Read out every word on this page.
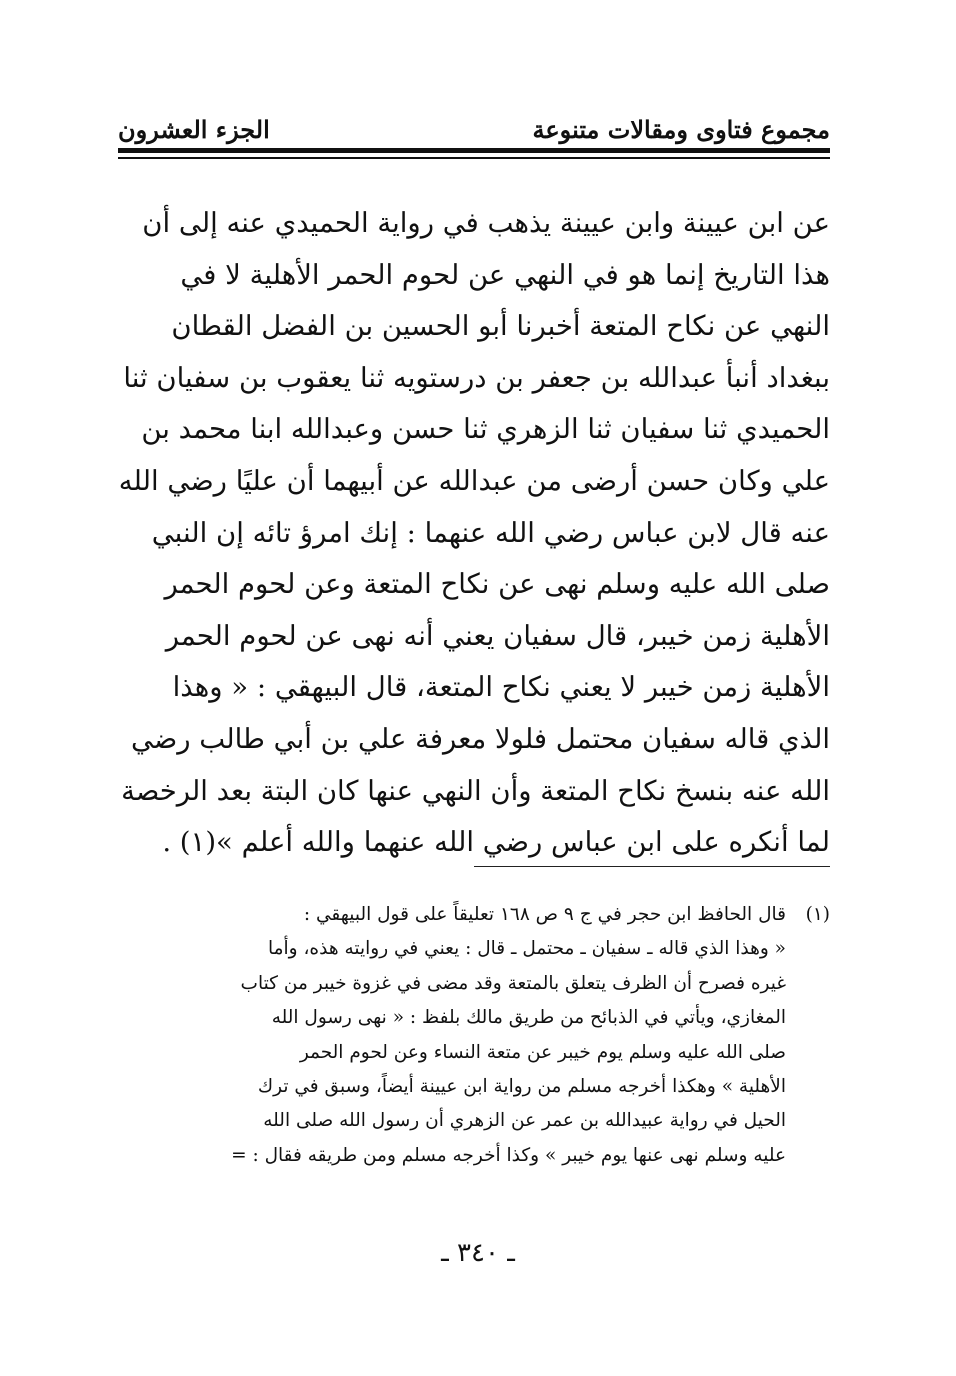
مجموع فتاوى ومقالات متنوعة
الجزء العشرون
عن ابن عيينة وابن عيينة يذهب في رواية الحميدي عنه إلى أن
هذا التاريخ إنما هو في النهي عن لحوم الحمر الأهلية لا في
النهي عن نكاح المتعة أخبرنا أبو الحسين بن الفضل القطان
ببغداد أنبأ عبدالله بن جعفر بن درستويه ثنا يعقوب بن سفيان ثنا
الحميدي ثنا سفيان ثنا الزهري ثنا حسن وعبدالله ابنا محمد بن
علي وكان حسن أرضى من عبدالله عن أبيهما أن عليًا رضي الله
عنه قال لابن عباس رضي الله عنهما : إنك امرؤ تائه إن النبي
صلى الله عليه وسلم نهى عن نكاح المتعة وعن لحوم الحمر
الأهلية زمن خيبر، قال سفيان يعني أنه نهى عن لحوم الحمر
الأهلية زمن خيبر لا يعني نكاح المتعة، قال البيهقي : « وهذا
الذي قاله سفيان محتمل فلولا معرفة علي بن أبي طالب رضي
الله عنه بنسخ نكاح المتعة وأن النهي عنها كان البتة بعد الرخصة
لما أنكره على ابن عباس رضي الله عنهما والله أعلم »(١) .
(١)
قال الحافظ ابن حجر في ج ٩ ص ١٦٨ تعليقاً على قول البيهقي :
« وهذا الذي قاله ـ سفيان ـ محتمل ـ قال : يعني في روايته هذه، وأما
غيره فصرح أن الظرف يتعلق بالمتعة وقد مضى في غزوة خيبر من كتاب
المغازي، ويأتي في الذبائح من طريق مالك بلفظ : « نهى رسول الله
صلى الله عليه وسلم يوم خيبر عن متعة النساء وعن لحوم الحمر
الأهلية » وهكذا أخرجه مسلم من رواية ابن عيينة أيضاً، وسبق في ترك
الحيل في رواية عبيدالله بن عمر عن الزهري أن رسول الله صلى الله
عليه وسلم نهى عنها يوم خيبر » وكذا أخرجه مسلم ومن طريقه فقال : =
ـ ٣٤٠ ـ
